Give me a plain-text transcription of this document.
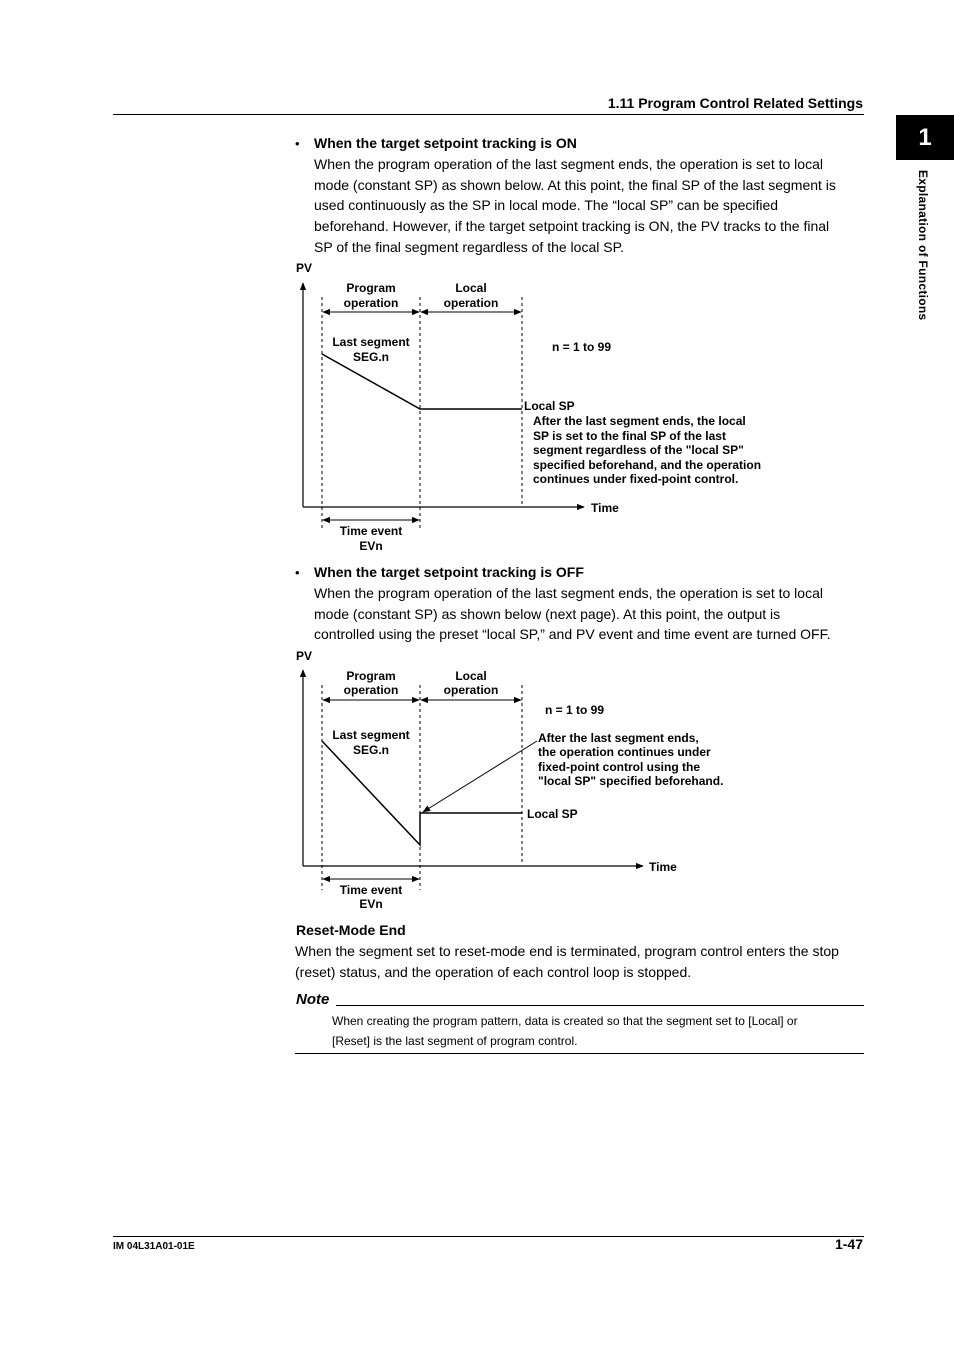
1.11 Program Control Related Settings
1
Explanation of Functions
• When the target setpoint tracking is ON
When the program operation of the last segment ends, the operation is set to local
mode (constant SP) as shown below. At this point, the final SP of the last segment is
used continuously as the SP in local mode. The “local SP” can be specified
beforehand. However, if the target setpoint tracking is ON, the PV tracks to the final
SP of the final segment regardless of the local SP.
PV
Time
Program
operation
Local
operation
Last segment
SEG.n
n = 1 to 99
Local SP
After the last segment ends, the local
SP is set to the final SP of the last
segment regardless of the "local SP"
specified beforehand, and the operation
continues under fixed-point control.
Time event
EVn
• When the target setpoint tracking is OFF
When the program operation of the last segment ends, the operation is set to local
mode (constant SP) as shown below (next page). At this point, the output is
controlled using the preset “local SP,” and PV event and time event are turned OFF.
PV
Time
Program
operation
Local
operation
Last segment
SEG.n
n = 1 to 99
After the last segment ends,
the operation continues under
fixed-point control using the
"local SP" specified beforehand.
Local SP
Time event
EVn
Reset-Mode End
When the segment set to reset-mode end is terminated, program control enters the stop
(reset) status, and the operation of each control loop is stopped.
Note
When creating the program pattern, data is created so that the segment set to [Local] or
[Reset] is the last segment of program control.
IM 04L31A01-01E	1-47
